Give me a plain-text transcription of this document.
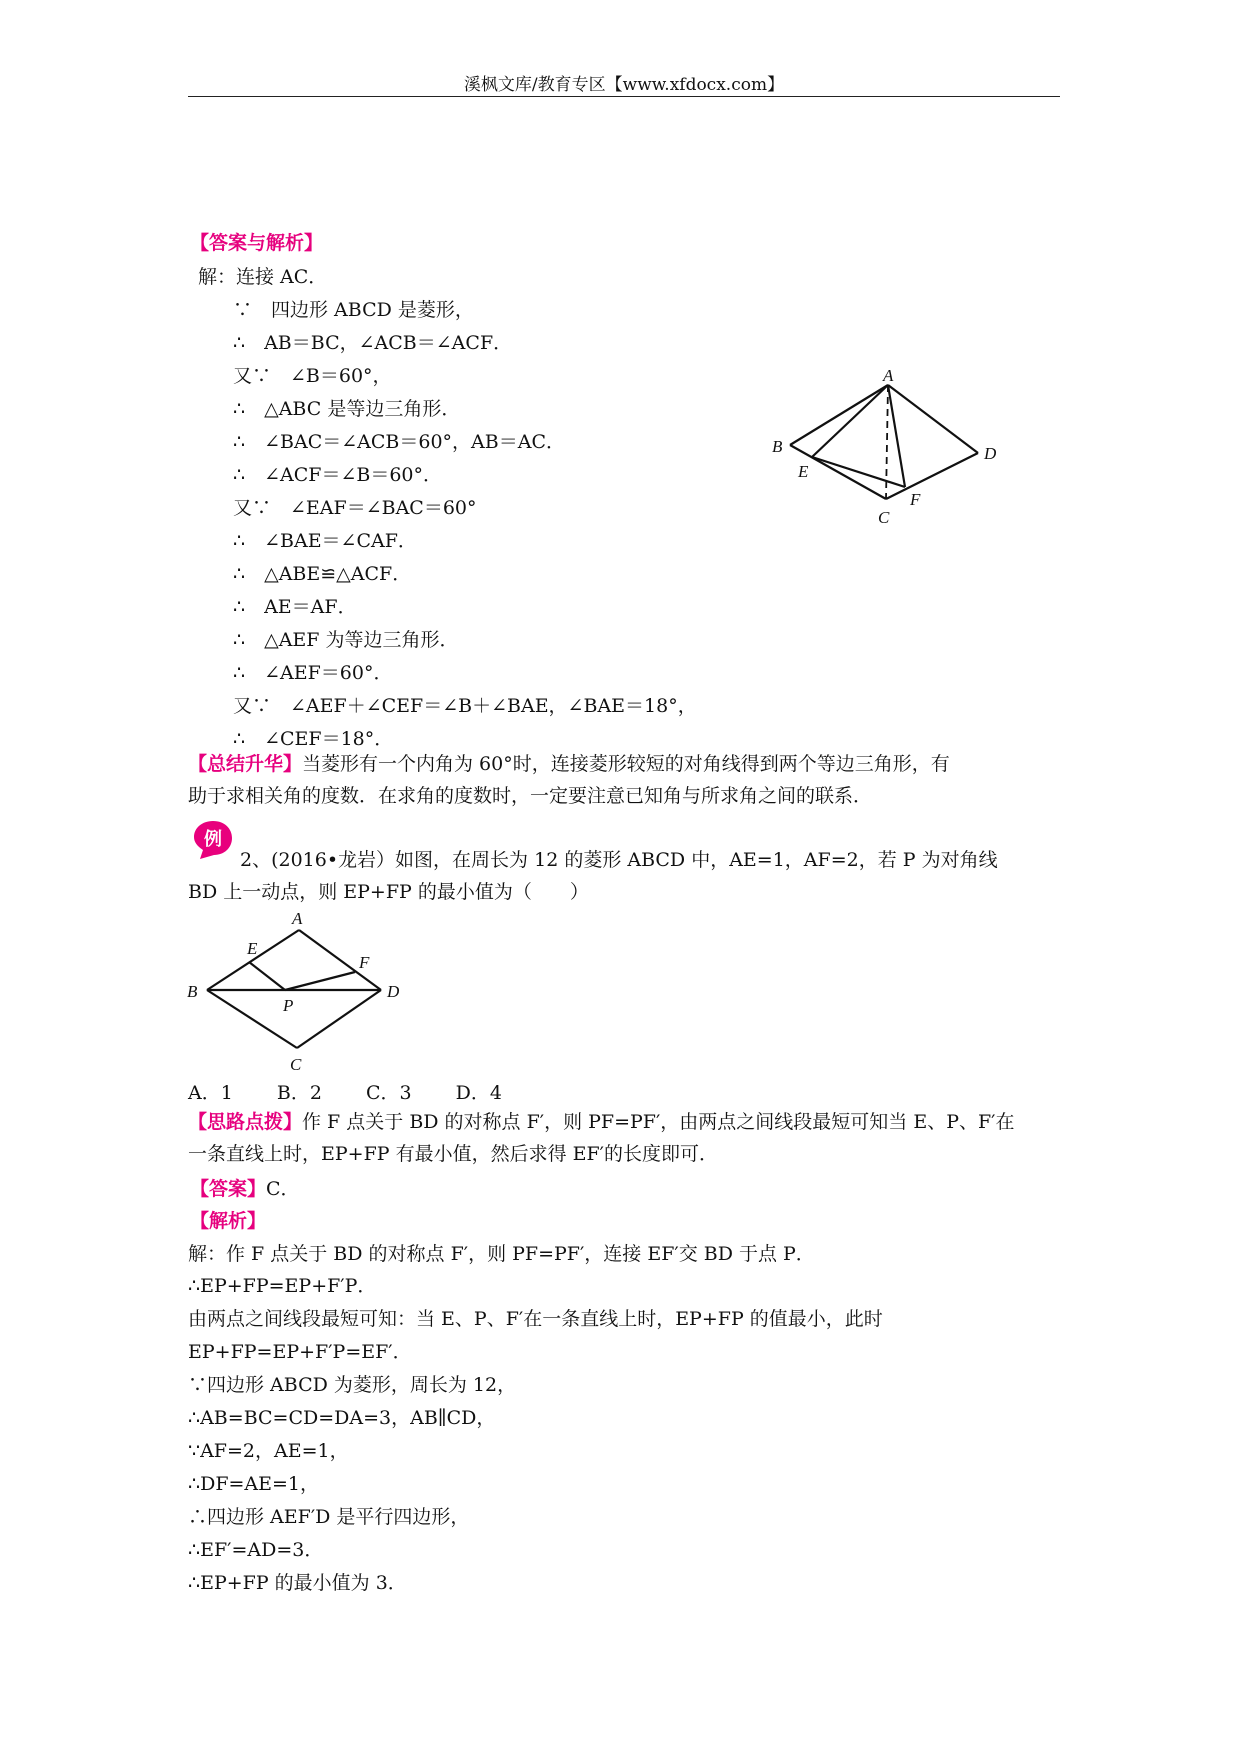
溪枫文库/教育专区【www.xfdocx.com】
【答案与解析】
解：连接 AC．
∵　四边形 ABCD 是菱形，
∴　AB＝BC，∠ACB＝∠ACF．
又∵　∠B＝60°，
∴　△ABC 是等边三角形．
∴　∠BAC＝∠ACB＝60°，AB＝AC．
∴　∠ACF＝∠B＝60°．
又∵　∠EAF＝∠BAC＝60°
∴　∠BAE＝∠CAF．
∴　△ABE≌△ACF．
∴　AE＝AF．
∴　△AEF 为等边三角形．
∴　∠AEF＝60°．
又∵　∠AEF＋∠CEF＝∠B＋∠BAE，∠BAE＝18°，
∴　∠CEF＝18°．
A
B
C
D
E
F
【总结升华】当菱形有一个内角为 60°时，连接菱形较短的对角线得到两个等边三角形，有
助于求相关角的度数．在求角的度数时，一定要注意已知角与所求角之间的联系．
例
2、(2016•龙岩）如图，在周长为 12 的菱形 ABCD 中，AE=1，AF=2，若 P 为对角线
BD 上一动点，则 EP+FP 的最小值为（　　）
A
B
C
D
E
F
P
A．1 B．2 C．3 D．4
【思路点拨】作 F 点关于 BD 的对称点 F′，则 PF=PF′，由两点之间线段最短可知当 E、P、F′在
一条直线上时，EP+FP 有最小值，然后求得 EF′的长度即可．
【答案】C．
【解析】
解：作 F 点关于 BD 的对称点 F′，则 PF=PF′，连接 EF′交 BD 于点 P．
∴EP+FP=EP+F′P．
由两点之间线段最短可知：当 E、P、F′在一条直线上时，EP+FP 的值最小，此时
EP+FP=EP+F′P=EF′．
∵四边形 ABCD 为菱形，周长为 12，
∴AB=BC=CD=DA=3，AB∥CD，
∵AF=2，AE=1，
∴DF=AE=1，
∴四边形 AEF′D 是平行四边形，
∴EF′=AD=3．
∴EP+FP 的最小值为 3．
